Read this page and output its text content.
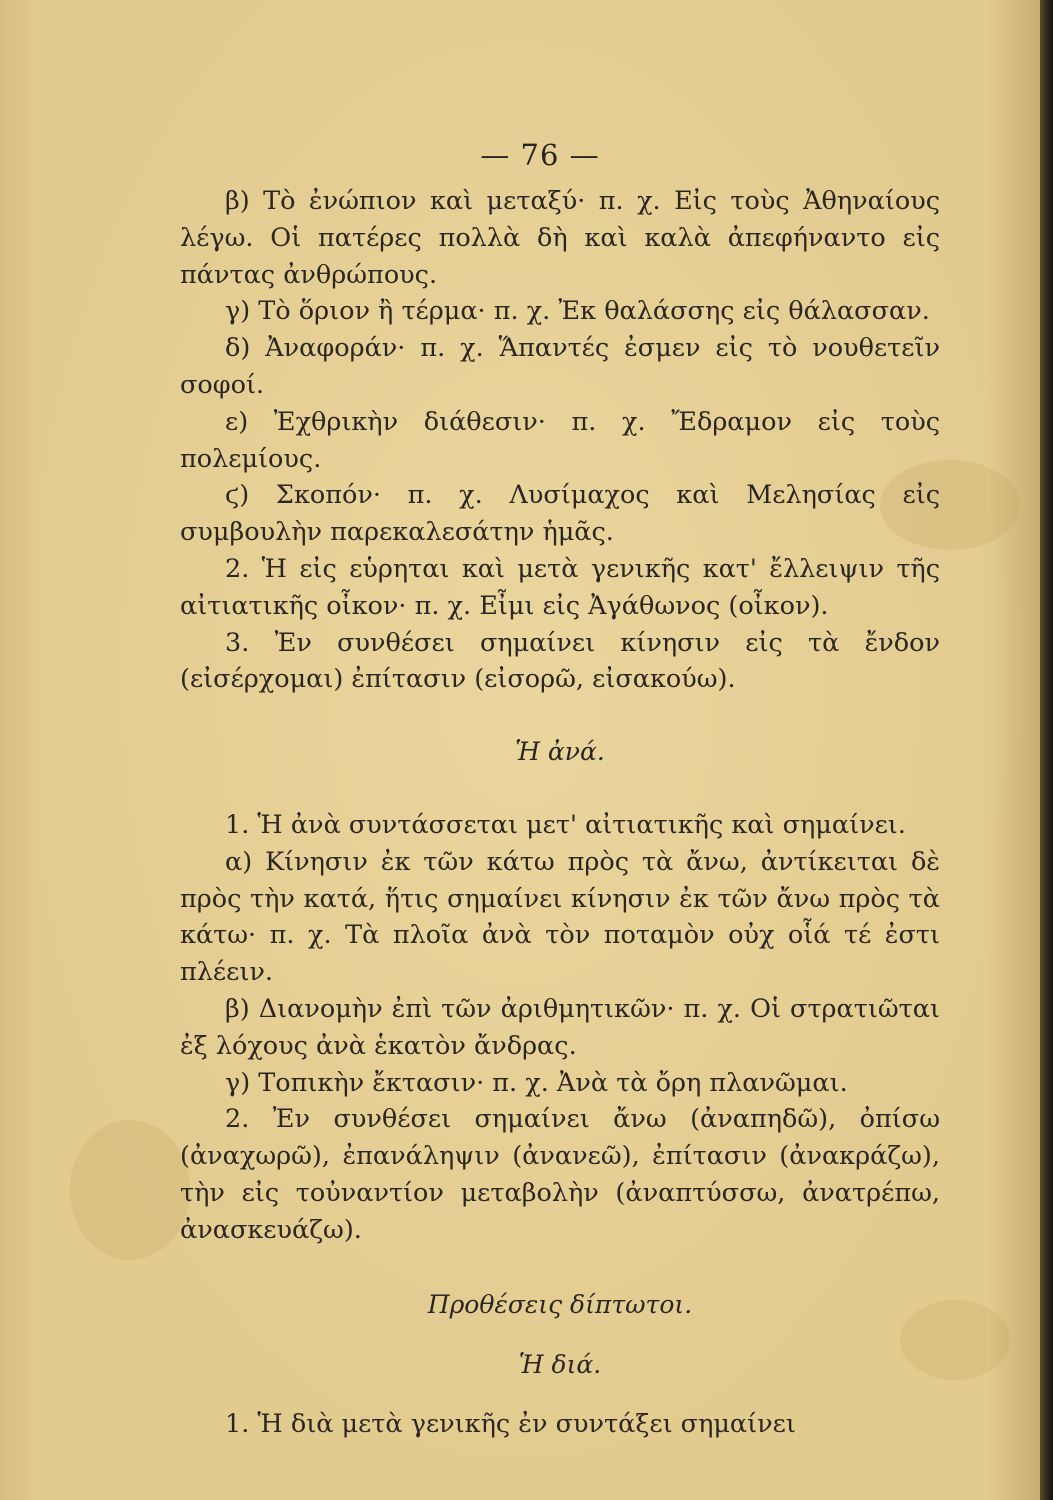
— 76 —

β) Τὸ ἐνώπιον καὶ μεταξύ· π. χ. Εἰς τοὺς Ἀθηναίους λέγω. Οἱ πατέρες πολλὰ δὴ καὶ καλὰ ἀπεφήναντο εἰς πάντας ἀνθρώπους.

γ) Τὸ ὅριον ἢ τέρμα· π. χ. Ἐκ θαλάσσης εἰς θάλασσαν.

δ) Ἀναφοράν· π. χ. Ἅπαντές ἐσμεν εἰς τὸ νουθετεῖν σοφοί.

ε) Ἐχθρικὴν διάθεσιν· π. χ. Ἔδραμον εἰς τοὺς πολεμίους.

ϛ) Σκοπόν· π. χ. Λυσίμαχος καὶ Μελησίας εἰς συμβουλὴν παρεκαλεσάτην ἡμᾶς.

2. Ἡ εἰς εὑρηται καὶ μετὰ γενικῆς κατ' ἔλλειψιν τῆς αἰτιατικῆς οἶκον· π. χ. Εἶμι εἰς Ἀγάθωνος (οἶκον).

3. Ἐν συνθέσει σημαίνει κίνησιν εἰς τὰ ἔνδον (εἰσέρχομαι) ἐπίτασιν (εἰσορῶ, εἰσακούω).

Ἡ ἀνά.

1. Ἡ ἀνὰ συντάσσεται μετ' αἰτιατικῆς καὶ σημαίνει.

α) Κίνησιν ἐκ τῶν κάτω πρὸς τὰ ἄνω, ἀντίκειται δὲ πρὸς τὴν κατά, ἥτις σημαίνει κίνησιν ἐκ τῶν ἄνω πρὸς τὰ κάτω· π. χ. Τὰ πλοῖα ἀνὰ τὸν ποταμὸν οὐχ οἷά τέ ἐστι πλέειν.

β) Διανομὴν ἐπὶ τῶν ἀριθμητικῶν· π. χ. Οἱ στρατιῶται ἐξ λόχους ἀνὰ ἑκατὸν ἄνδρας.

γ) Τοπικὴν ἔκτασιν· π. χ. Ἀνὰ τὰ ὄρη πλανῶμαι.

2. Ἐν συνθέσει σημαίνει ἄνω (ἀναπηδῶ), ὀπίσω (ἀναχωρῶ), ἐπανάληψιν (ἀνανεῶ), ἐπίτασιν (ἀνακράζω), τὴν εἰς τοὐναντίον μεταβολὴν (ἀναπτύσσω, ἀνατρέπω, ἀνασκευάζω).

Προθέσεις δίπτωτοι.

Ἡ διά.

1. Ἡ διὰ μετὰ γενικῆς ἐν συντάξει σημαίνει
